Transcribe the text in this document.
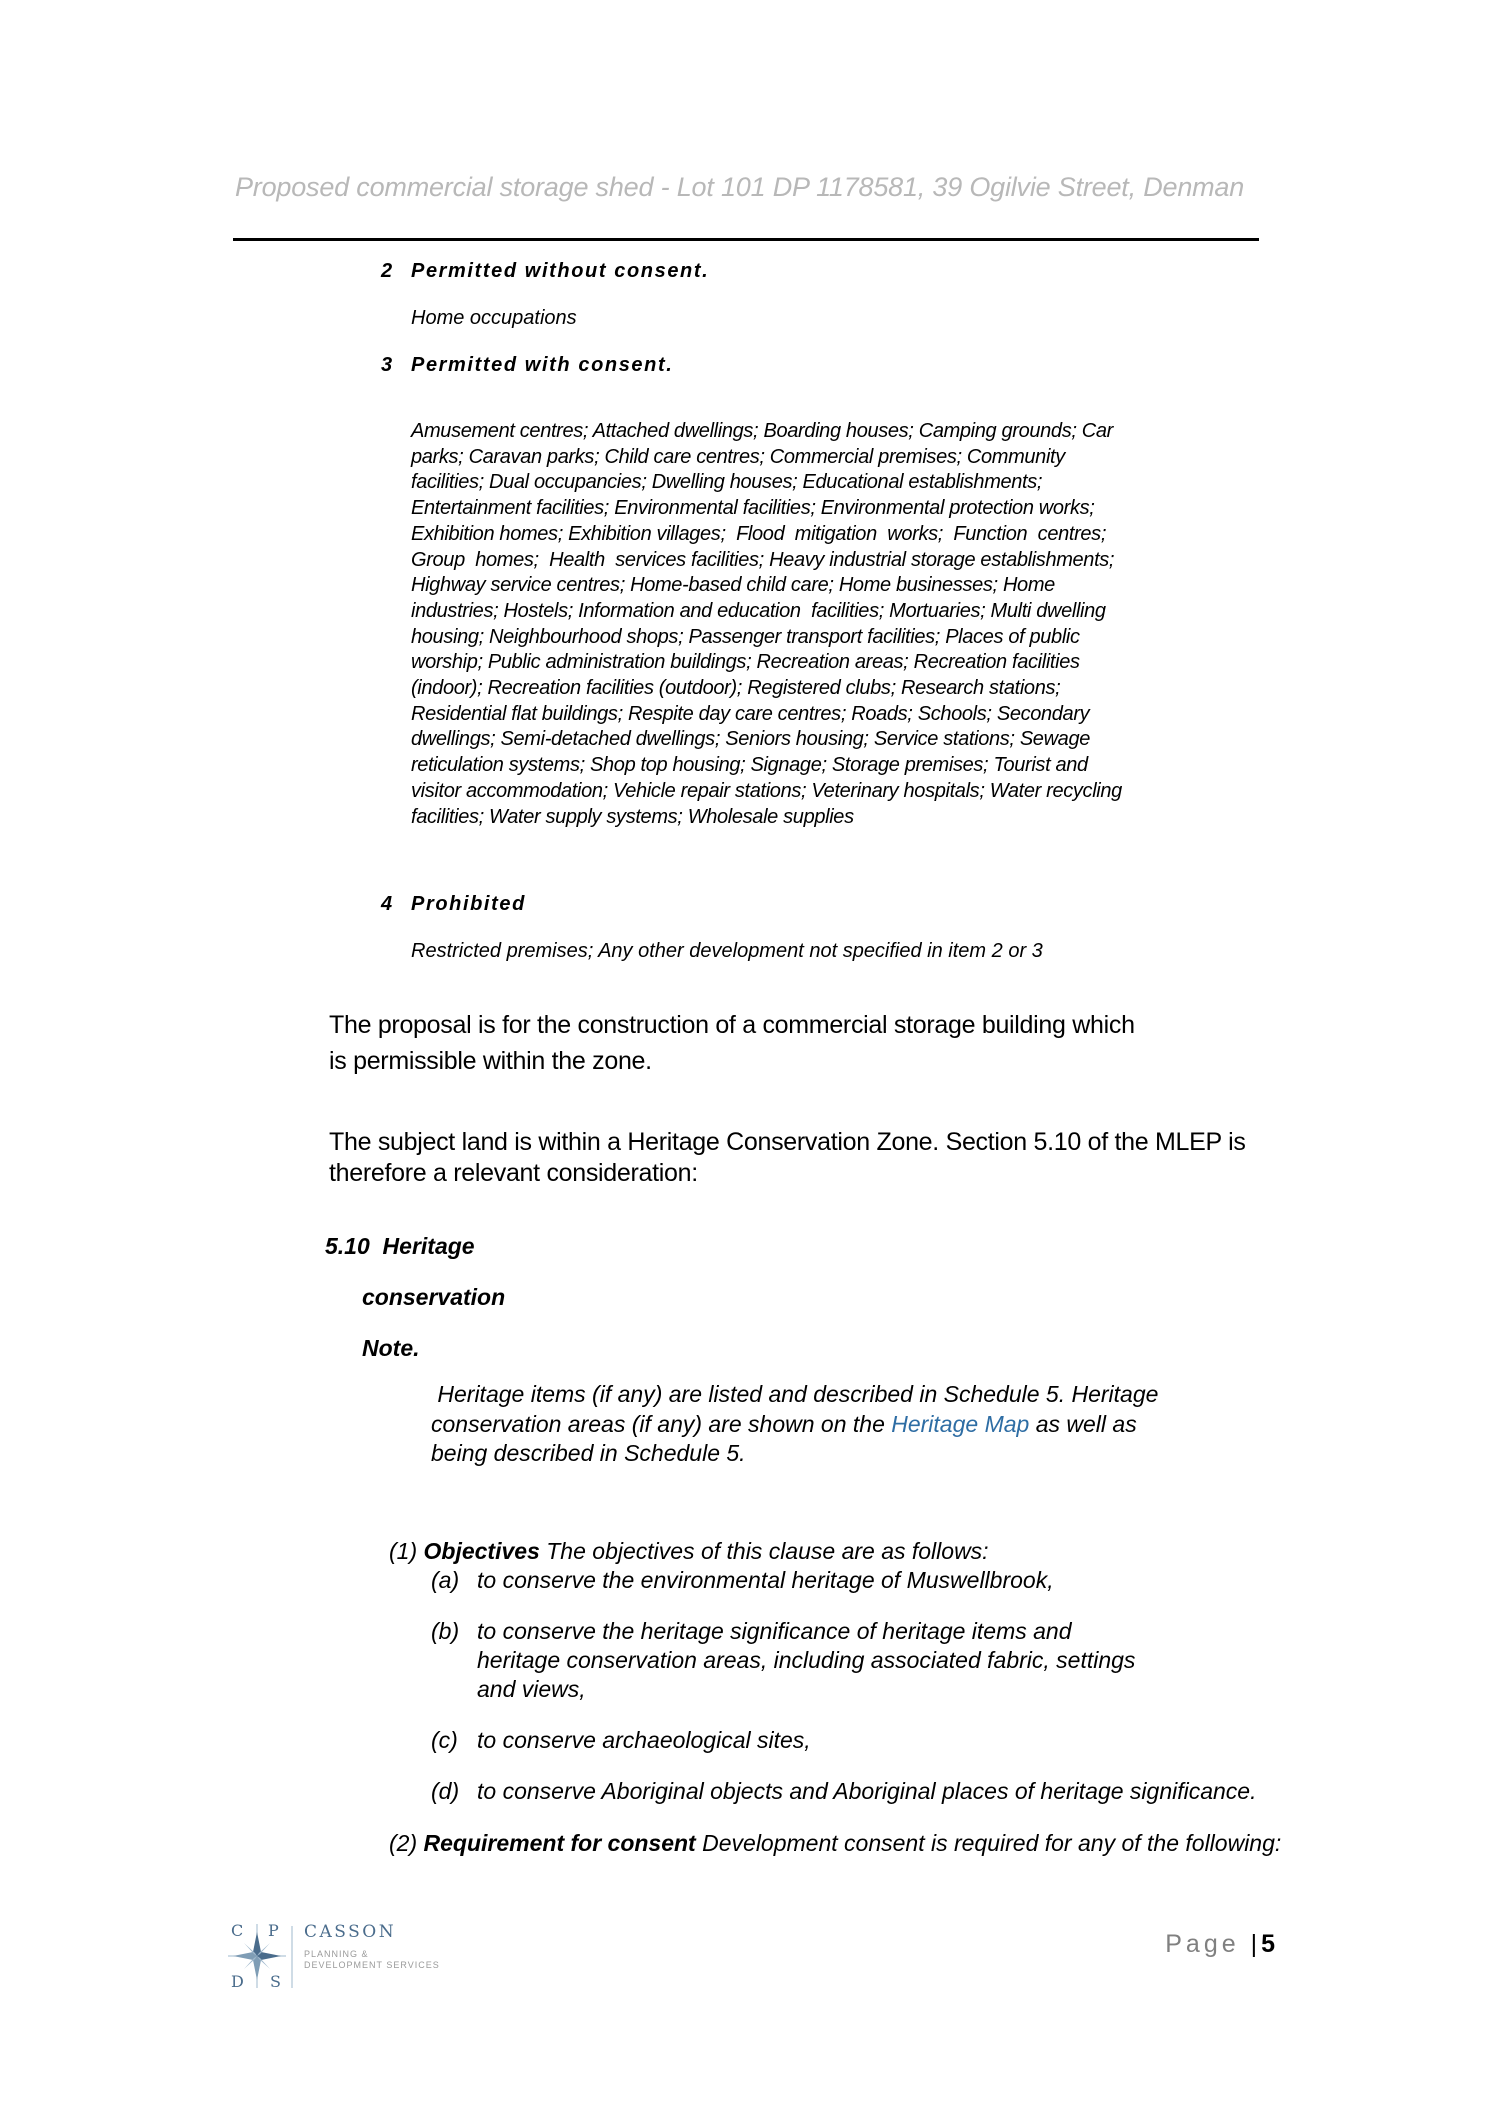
Proposed commercial storage shed - Lot 101 DP 1178581, 39 Ogilvie Street, Denman
2 Permitted without consent.
Home occupations
3 Permitted with consent.
Amusement centres; Attached dwellings; Boarding houses; Camping grounds; Car
parks; Caravan parks; Child care centres; Commercial premises; Community
facilities; Dual occupancies; Dwelling houses; Educational establishments;
Entertainment facilities; Environmental facilities; Environmental protection works;
Exhibition homes; Exhibition villages;  Flood  mitigation  works;  Function  centres;
Group  homes;  Health  services facilities; Heavy industrial storage establishments;
Highway service centres; Home-based child care; Home businesses; Home
industries; Hostels; Information and education  facilities; Mortuaries; Multi dwelling
housing; Neighbourhood shops; Passenger transport facilities; Places of public
worship; Public administration buildings; Recreation areas; Recreation facilities
(indoor); Recreation facilities (outdoor); Registered clubs; Research stations;
Residential flat buildings; Respite day care centres; Roads; Schools; Secondary
dwellings; Semi-detached dwellings; Seniors housing; Service stations; Sewage
reticulation systems; Shop top housing; Signage; Storage premises; Tourist and
visitor accommodation; Vehicle repair stations; Veterinary hospitals; Water recycling
facilities; Water supply systems; Wholesale supplies
4 Prohibited
Restricted premises; Any other development not specified in item 2 or 3
The proposal is for the construction of a commercial storage building which
is permissible within the zone.
The subject land is within a Heritage Conservation Zone. Section 5.10 of the MLEP is
therefore a relevant consideration:
5.10 Heritage
conservation
Note.
Heritage items (if any) are listed and described in Schedule 5. Heritage
conservation areas (if any) are shown on the Heritage Map as well as
being described in Schedule 5.
(1) Objectives The objectives of this clause are as follows:
(a) to conserve the environmental heritage of Muswellbrook,
(b) to conserve the heritage significance of heritage items and
heritage conservation areas, including associated fabric, settings
and views,
(c) to conserve archaeological sites,
(d) to conserve Aboriginal objects and Aboriginal places of heritage significance.
(2) Requirement for consent Development consent is required for any of the following:
C P
D S
CASSON
PLANNING &
DEVELOPMENT SERVICES
Page |5
